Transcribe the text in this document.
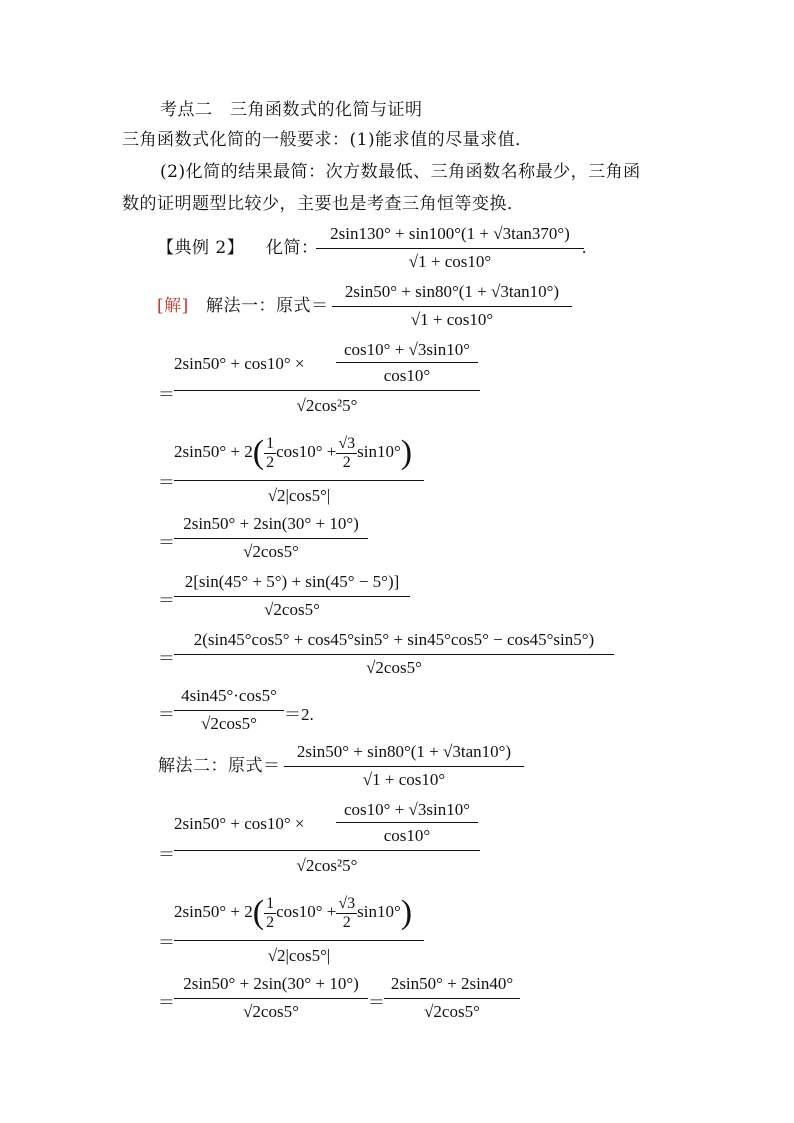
考点二　三角函数式的化简与证明
三角函数式化简的一般要求：(1)能求值的尽量求值．
(2)化简的结果最简：次方数最低、三角函数名称最少，三角函
数的证明题型比较少，主要也是考查三角恒等变换．
【典例 2】 化简：
2sin130° + sin100°(1 + √3tan370°)
√1 + cos10°
.
[解] 解法一：原式＝
2sin50° + sin80°(1 + √3tan10°)
√1 + cos10°
＝
2sin50° + cos10° ×
cos10° + √3sin10°
cos10°
√2cos²5°
＝
$2\sin 50^\circ + 2( \frac{1}{2} \cos 10^\circ + \frac{√3}{2} \sin 10^\circ)$
√2|cos5°|
＝
2sin50° + 2sin(30° + 10°)
√2cos5°
＝
2[sin(45° + 5°) + sin(45° − 5°)]
√2cos5°
＝
2(sin45°cos5° + cos45°sin5° + sin45°cos5° − cos45°sin5°)
√2cos5°
＝
4sin45°·cos5°
√2cos5°	＝2.
解法二：原式＝
2sin50° + sin80°(1 + √3tan10°)
√1 + cos10°
＝
2sin50° + cos10° ×
cos10° + √3sin10°
cos10°
√2cos²5°
＝
$2\sin 50^\circ + 2( \frac{1}{2} \cos 10^\circ + \frac{√3}{2} \sin 10^\circ)$
√2|cos5°|
＝
2sin50° + 2sin(30° + 10°)
√2cos5°	＝
2sin50° + 2sin40°
√2cos5°
